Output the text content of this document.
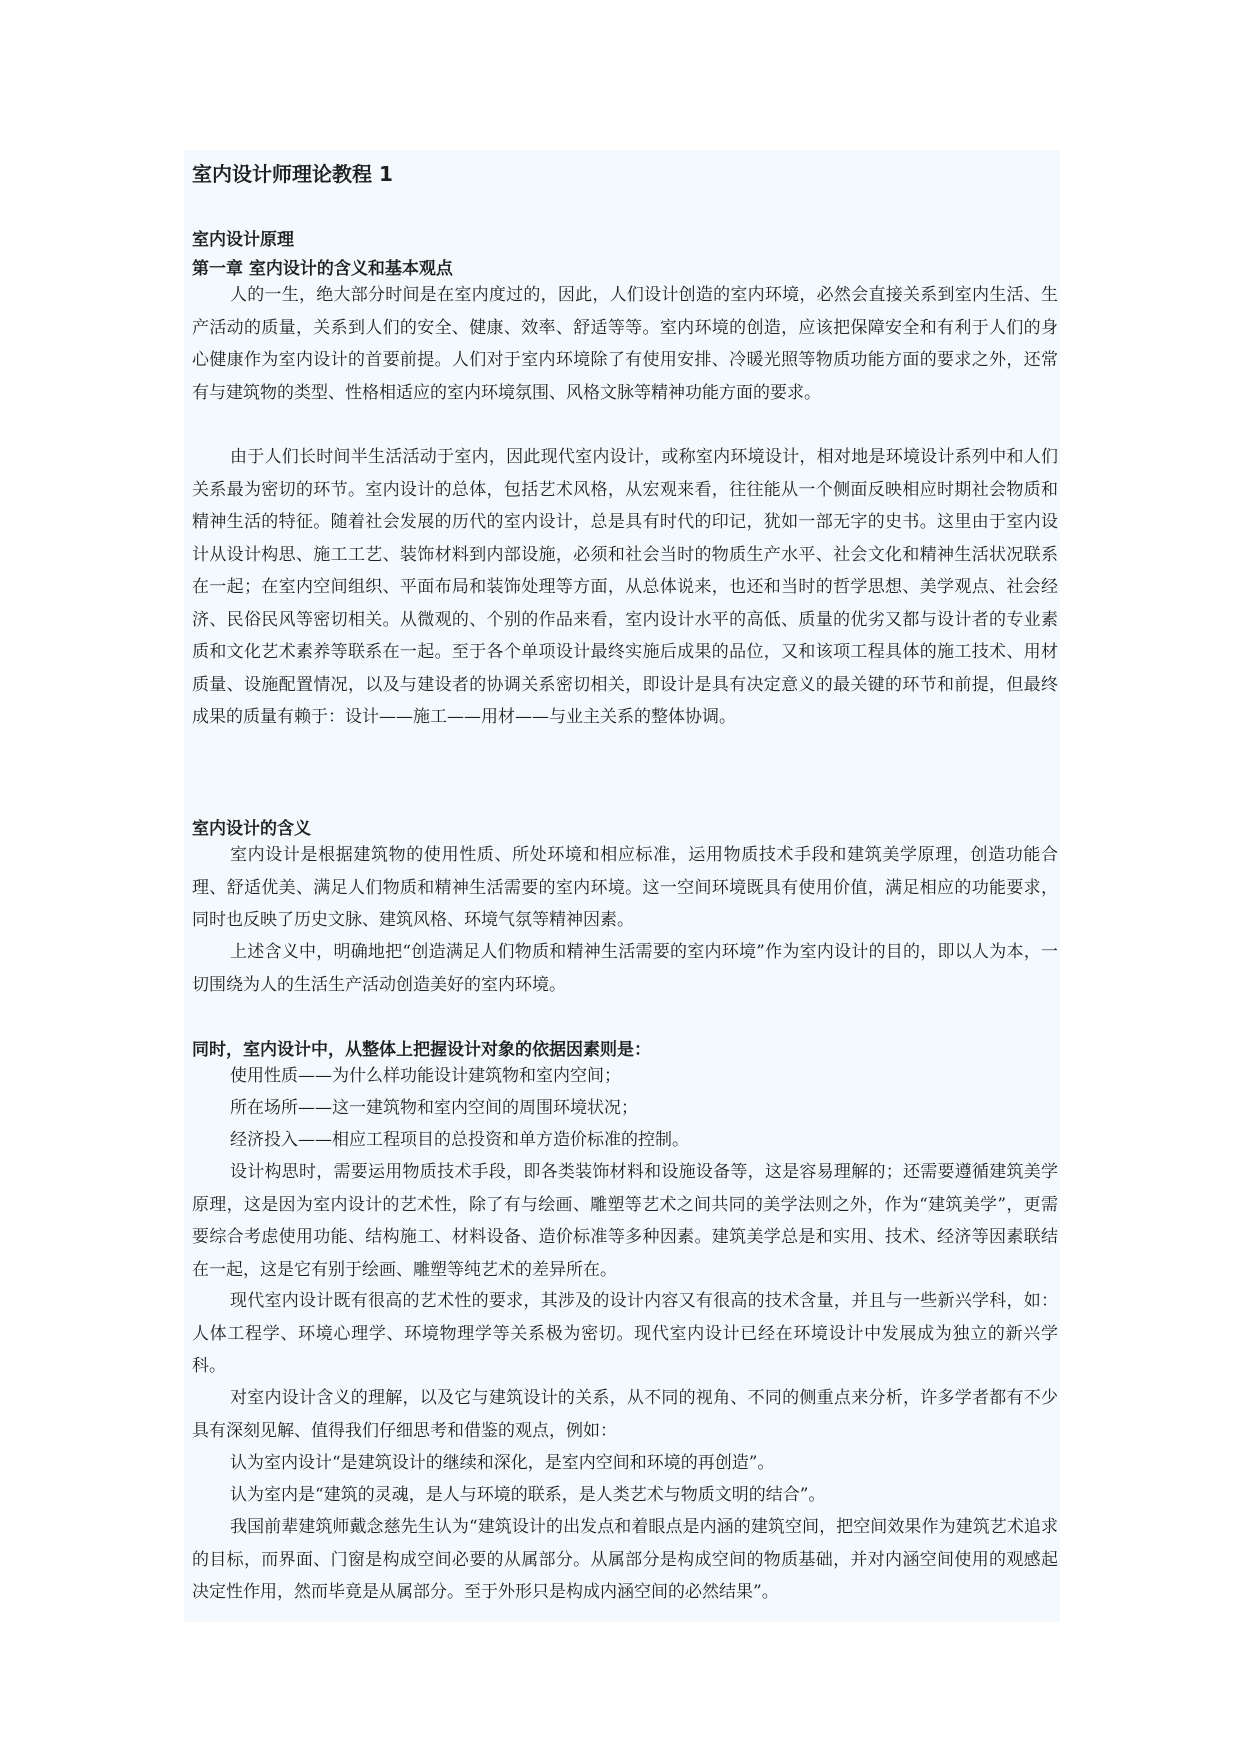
室内设计师理论教程 1
室内设计原理
第一章 室内设计的含义和基本观点

人的一生，绝大部分时间是在室内度过的，因此，人们设计创造的室内环境，必然会直接关系到室内生活、生产活动的质量，关系到人们的安全、健康、效率、舒适等等。室内环境的创造，应该把保障安全和有利于人们的身心健康作为室内设计的首要前提。人们对于室内环境除了有使用安排、冷暖光照等物质功能方面的要求之外，还常有与建筑物的类型、性格相适应的室内环境氛围、风格文脉等精神功能方面的要求。

由于人们长时间半生活活动于室内，因此现代室内设计，或称室内环境设计，相对地是环境设计系列中和人们关系最为密切的环节。室内设计的总体，包括艺术风格，从宏观来看，往往能从一个侧面反映相应时期社会物质和精神生活的特征。随着社会发展的历代的室内设计，总是具有时代的印记，犹如一部无字的史书。这里由于室内设计从设计构思、施工工艺、装饰材料到内部设施，必须和社会当时的物质生产水平、社会文化和精神生活状况联系在一起；在室内空间组织、平面布局和装饰处理等方面，从总体说来，也还和当时的哲学思想、美学观点、社会经济、民俗民风等密切相关。从微观的、个别的作品来看，室内设计水平的高低、质量的优劣又都与设计者的专业素质和文化艺术素养等联系在一起。至于各个单项设计最终实施后成果的品位，又和该项工程具体的施工技术、用材质量、设施配置情况，以及与建设者的协调关系密切相关，即设计是具有决定意义的最关键的环节和前提，但最终成果的质量有赖于：设计——施工——用材——与业主关系的整体协调。

室内设计的含义

室内设计是根据建筑物的使用性质、所处环境和相应标准，运用物质技术手段和建筑美学原理，创造功能合理、舒适优美、满足人们物质和精神生活需要的室内环境。这一空间环境既具有使用价值，满足相应的功能要求，同时也反映了历史文脉、建筑风格、环境气氛等精神因素。

上述含义中，明确地把“创造满足人们物质和精神生活需要的室内环境”作为室内设计的目的，即以人为本，一切围绕为人的生活生产活动创造美好的室内环境。

同时，室内设计中，从整体上把握设计对象的依据因素则是：
使用性质——为什么样功能设计建筑物和室内空间；
所在场所——这一建筑物和室内空间的周围环境状况；
经济投入——相应工程项目的总投资和单方造价标准的控制。

设计构思时，需要运用物质技术手段，即各类装饰材料和设施设备等，这是容易理解的；还需要遵循建筑美学原理，这是因为室内设计的艺术性，除了有与绘画、雕塑等艺术之间共同的美学法则之外，作为“建筑美学”，更需要综合考虑使用功能、结构施工、材料设备、造价标准等多种因素。建筑美学总是和实用、技术、经济等因素联结在一起，这是它有别于绘画、雕塑等纯艺术的差异所在。

现代室内设计既有很高的艺术性的要求，其涉及的设计内容又有很高的技术含量，并且与一些新兴学科，如：人体工程学、环境心理学、环境物理学等关系极为密切。现代室内设计已经在环境设计中发展成为独立的新兴学科。

对室内设计含义的理解，以及它与建筑设计的关系，从不同的视角、不同的侧重点来分析，许多学者都有不少具有深刻见解、值得我们仔细思考和借鉴的观点，例如：

认为室内设计“是建筑设计的继续和深化，是室内空间和环境的再创造”。
认为室内是“建筑的灵魂，是人与环境的联系，是人类艺术与物质文明的结合”。

我国前辈建筑师戴念慈先生认为“建筑设计的出发点和着眼点是内涵的建筑空间，把空间效果作为建筑艺术追求的目标，而界面、门窗是构成空间必要的从属部分。从属部分是构成空间的物质基础，并对内涵空间使用的观感起决定性作用，然而毕竟是从属部分。至于外形只是构成内涵空间的必然结果”。
